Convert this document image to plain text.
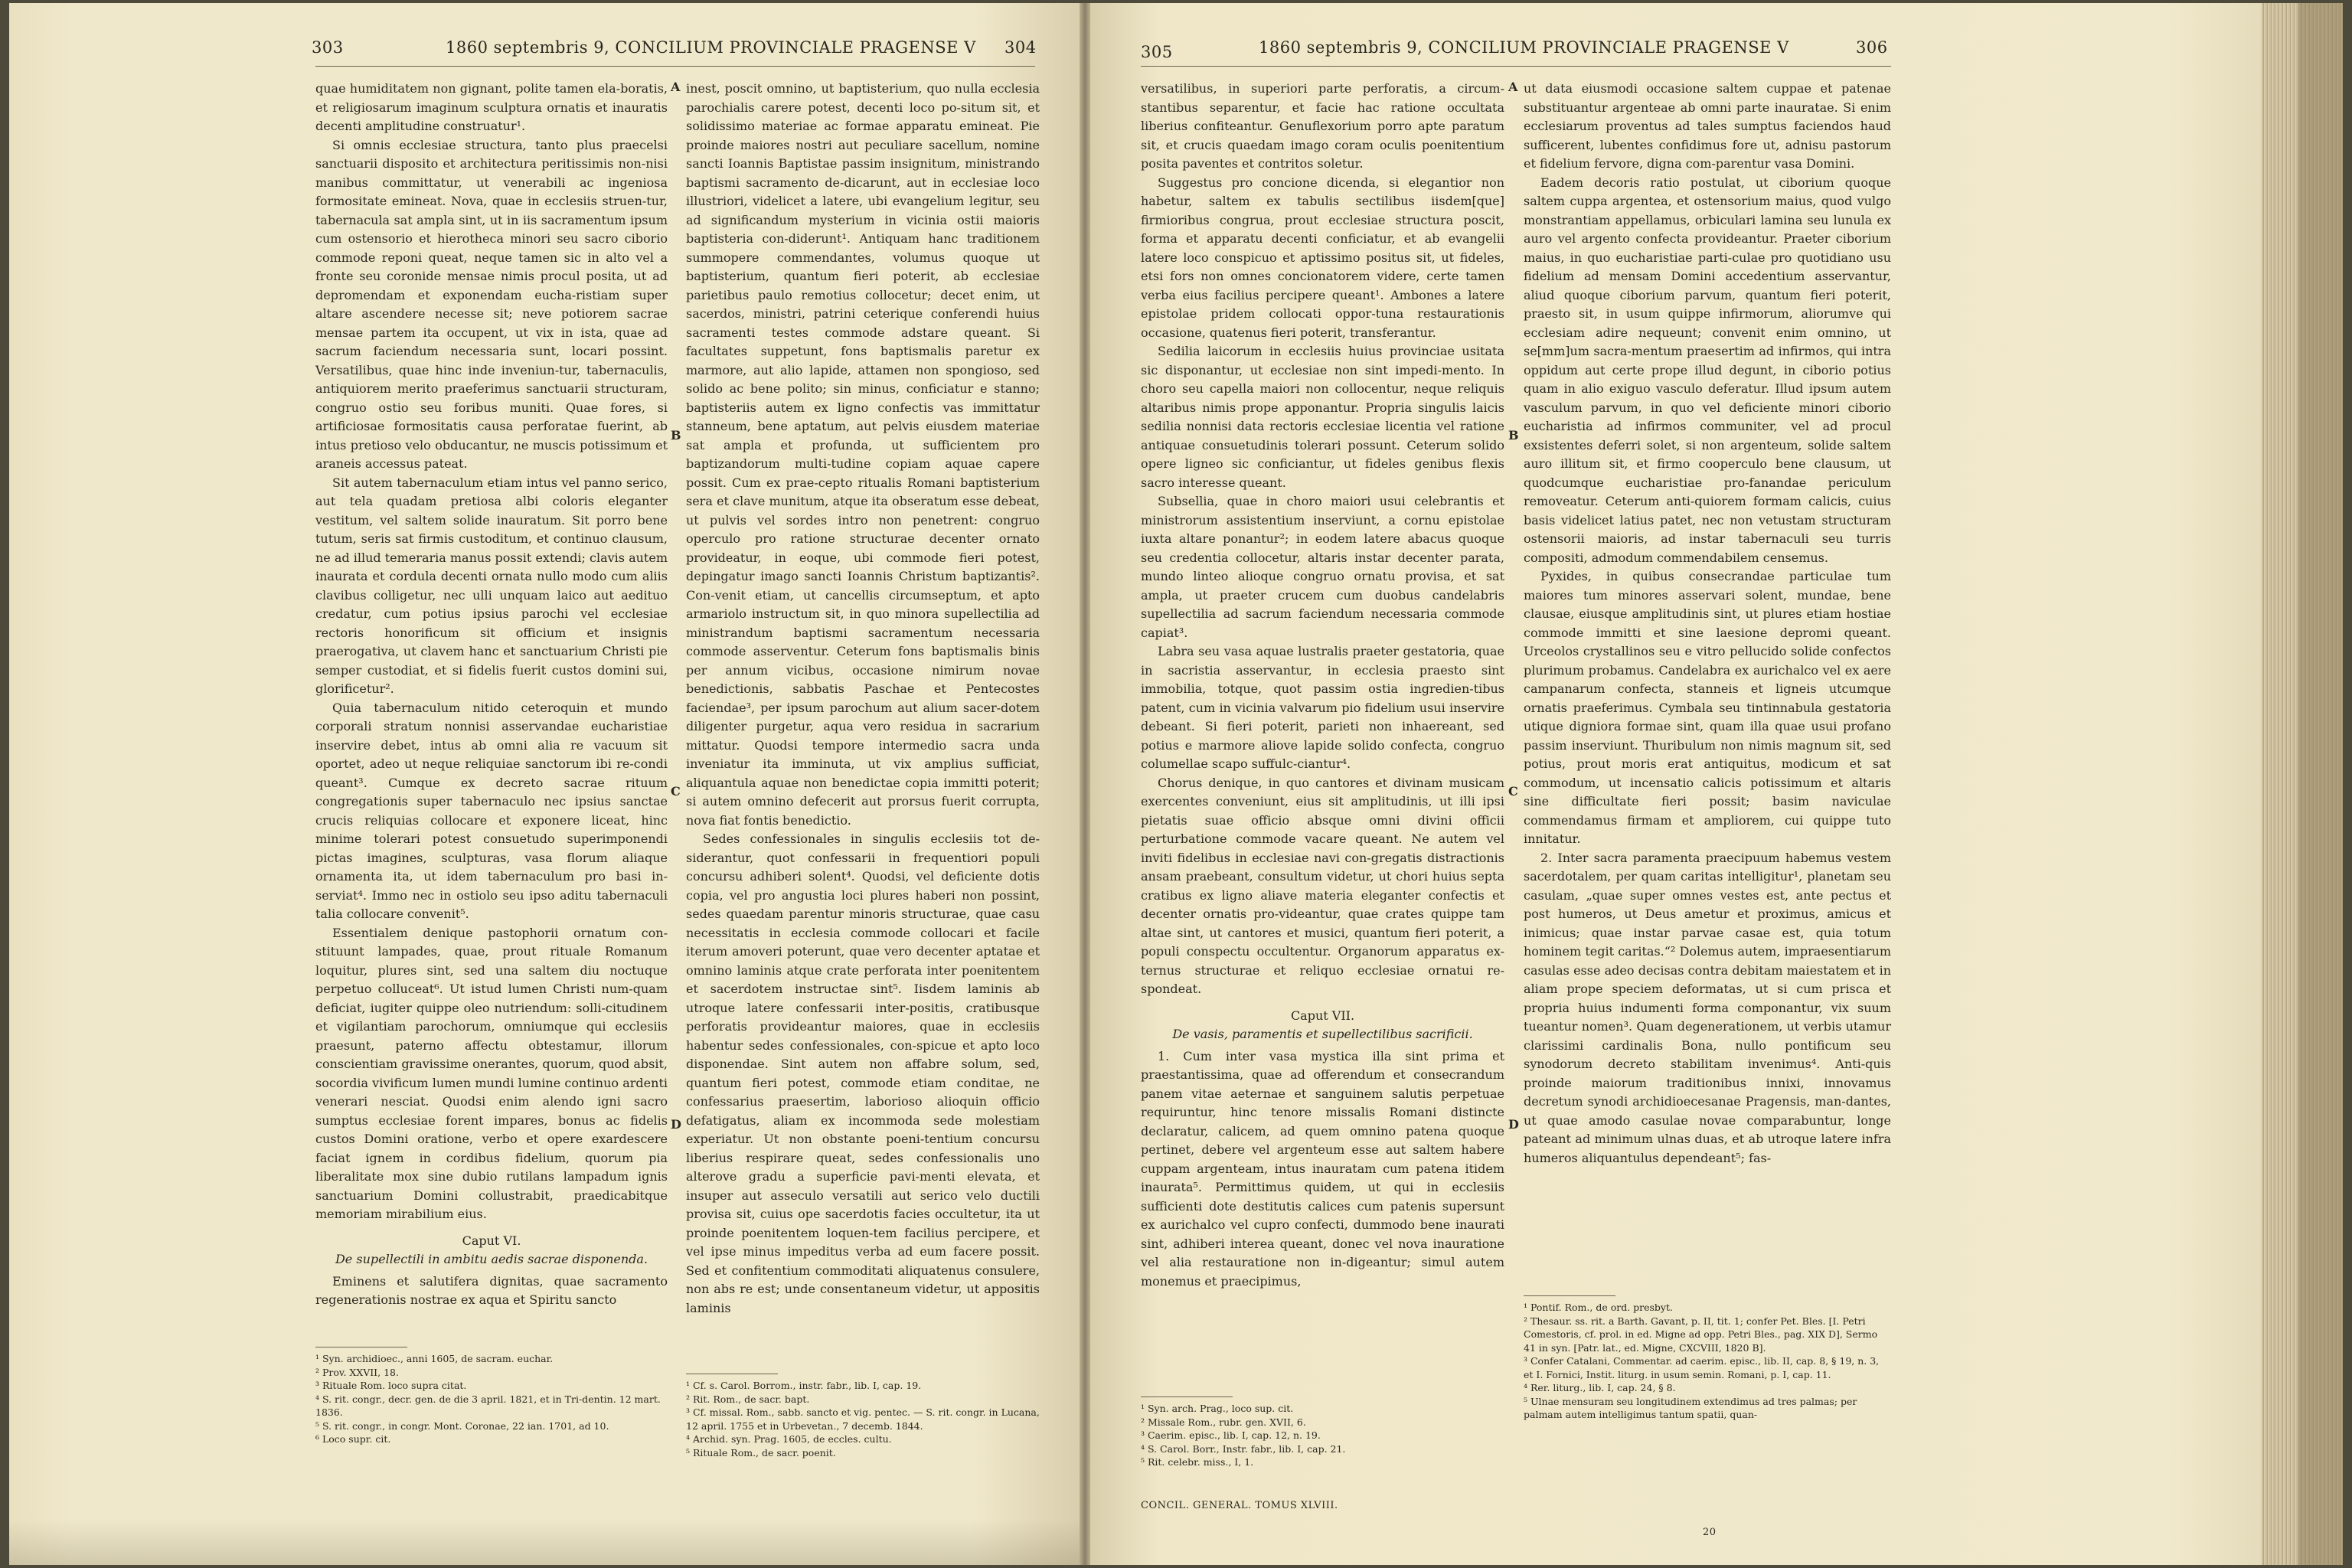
303	1860 septembris 9, CONCILIUM PROVINCIALE PRAGENSE V 304

quae humiditatem non gignant, polite tamen ela-boratis, et religiosarum imaginum sculptura ornatis et inauratis decenti amplitudine construatur¹.

Si omnis ecclesiae structura, tanto plus praecelsi sanctuarii disposito et architectura peritissimis non-nisi manibus committatur, ut venerabili ac ingeniosa formositate emineat. Nova, quae in ecclesiis struen-tur, tabernacula sat ampla sint, ut in iis sacramentum ipsum cum ostensorio et hierotheca minori seu sacro ciborio commode reponi queat, neque tamen sic in alto vel a fronte seu coronide mensae nimis procul posita, ut ad depromendam et exponendam eucha-ristiam super altare ascendere necesse sit; neve potiorem sacrae mensae partem ita occupent, ut vix in ista, quae ad sacrum faciendum necessaria sunt, locari possint. Versatilibus, quae hinc inde inveniun-tur, tabernaculis, antiquiorem merito praeferimus sanctuarii structuram, congruo ostio seu foribus muniti. Quae fores, si artificiosae formositatis causa perforatae fuerint, ab intus pretioso velo obducantur, ne muscis potissimum et araneis accessus pateat.

Sit autem tabernaculum etiam intus vel panno serico, aut tela quadam pretiosa albi coloris eleganter vestitum, vel saltem solide inauratum. Sit porro bene tutum, seris sat firmis custoditum, et continuo clausum, ne ad illud temeraria manus possit extendi; clavis autem inaurata et cordula decenti ornata nullo modo cum aliis clavibus colligetur, nec ulli unquam laico aut aedituo credatur, cum potius ipsius parochi vel ecclesiae rectoris honorificum sit officium et insignis praerogativa, ut clavem hanc et sanctuarium Christi pie semper custodiat, et si fidelis fuerit custos domini sui, glorificetur².

Quia tabernaculum nitido ceteroquin et mundo corporali stratum nonnisi asservandae eucharistiae inservire debet, intus ab omni alia re vacuum sit oportet, adeo ut neque reliquiae sanctorum ibi re-condi queant³. Cumque ex decreto sacrae rituum congregationis super tabernaculo nec ipsius sanctae crucis reliquias collocare et exponere liceat, hinc minime tolerari potest consuetudo superimponendi pictas imagines, sculpturas, vasa florum aliaque ornamenta ita, ut idem tabernaculum pro basi in-serviat⁴. Immo nec in ostiolo seu ipso aditu tabernaculi talia collocare convenit⁵.

Essentialem denique pastophorii ornatum con-stituunt lampades, quae, prout rituale Romanum loquitur, plures sint, sed una saltem diu noctuque perpetuo colluceat⁶. Ut istud lumen Christi num-quam deficiat, iugiter quippe oleo nutriendum: solli-citudinem et vigilantiam parochorum, omniumque qui ecclesiis praesunt, paterno affectu obtestamur, illorum conscientiam gravissime onerantes, quorum, quod absit, socordia vivificum lumen mundi lumine continuo ardenti venerari nesciat. Quodsi enim alendo igni sacro sumptus ecclesiae forent impares, bonus ac fidelis custos Domini oratione, verbo et opere exardescere faciat ignem in cordibus fidelium, quorum pia liberalitate mox sine dubio rutilans lampadum ignis sanctuarium Domini collustrabit, praedicabitque memoriam mirabilium eius.

Caput VI.

De supellectili in ambitu aedis sacrae disponenda.

Eminens et salutifera dignitas, quae sacramento regenerationis nostrae ex aqua et Spiritu sancto

¹ Syn. archidioec., anni 1605, de sacram. euchar.
² Prov. XXVII, 18.
³ Rituale Rom. loco supra citat.
⁴ S. rit. congr., decr. gen. de die 3 april. 1821, et in Tri-dentin. 12 mart. 1836.
⁵ S. rit. congr., in congr. Mont. Coronae, 22 ian. 1701, ad 10.
⁶ Loco supr. cit.
A
B
C
D

inest, poscit omnino, ut baptisterium, quo nulla ecclesia parochialis carere potest, decenti loco po-situm sit, et solidissimo materiae ac formae apparatu emineat. Pie proinde maiores nostri aut peculiare sacellum, nomine sancti Ioannis Baptistae passim insignitum, ministrando baptismi sacramento de-dicarunt, aut in ecclesiae loco illustriori, videlicet a latere, ubi evangelium legitur, seu ad significandum mysterium in vicinia ostii maioris baptisteria con-diderunt¹. Antiquam hanc traditionem summopere commendantes, volumus quoque ut baptisterium, quantum fieri poterit, ab ecclesiae parietibus paulo remotius collocetur; decet enim, ut sacerdos, ministri, patrini ceterique conferendi huius sacramenti testes commode adstare queant. Si facultates suppetunt, fons baptismalis paretur ex marmore, aut alio lapide, attamen non spongioso, sed solido ac bene polito; sin minus, conficiatur e stanno; baptisteriis autem ex ligno confectis vas immittatur stanneum, bene aptatum, aut pelvis eiusdem materiae sat ampla et profunda, ut sufficientem pro baptizandorum multi-tudine copiam aquae capere possit. Cum ex prae-cepto ritualis Romani baptisterium sera et clave munitum, atque ita obseratum esse debeat, ut pulvis vel sordes intro non penetrent: congruo operculo pro ratione structurae decenter ornato provideatur, in eoque, ubi commode fieri potest, depingatur imago sancti Ioannis Christum baptizantis². Con-venit etiam, ut cancellis circumseptum, et apto armariolo instructum sit, in quo minora supellectilia ad ministrandum baptismi sacramentum necessaria commode asserventur. Ceterum fons baptismalis binis per annum vicibus, occasione nimirum novae benedictionis, sabbatis Paschae et Pentecostes faciendae³, per ipsum parochum aut alium sacer-dotem diligenter purgetur, aqua vero residua in sacrarium mittatur. Quodsi tempore intermedio sacra unda inveniatur ita imminuta, ut vix amplius sufficiat, aliquantula aquae non benedictae copia immitti poterit; si autem omnino defecerit aut prorsus fuerit corrupta, nova fiat fontis benedictio.

Sedes confessionales in singulis ecclesiis tot de-siderantur, quot confessarii in frequentiori populi concursu adhiberi solent⁴. Quodsi, vel deficiente dotis copia, vel pro angustia loci plures haberi non possint, sedes quaedam parentur minoris structurae, quae casu necessitatis in ecclesia commode collocari et facile iterum amoveri poterunt, quae vero decenter aptatae et omnino laminis atque crate perforata inter poenitentem et sacerdotem instructae sint⁵. Iisdem laminis ab utroque latere confessarii inter-positis, cratibusque perforatis provideantur maiores, quae in ecclesiis habentur sedes confessionales, con-spicue et apto loco disponendae. Sint autem non affabre solum, sed, quantum fieri potest, commode etiam conditae, ne confessarius praesertim, laborioso alioquin officio defatigatus, aliam ex incommoda sede molestiam experiatur. Ut non obstante poeni-tentium concursu liberius respirare queat, sedes confessionalis uno alterove gradu a superficie pavi-menti elevata, et insuper aut asseculo versatili aut serico velo ductili provisa sit, cuius ope sacerdotis facies occultetur, ita ut proinde poenitentem loquen-tem facilius percipere, et vel ipse minus impeditus verba ad eum facere possit. Sed et confitentium commoditati aliquatenus consulere, non abs re est; unde consentaneum videtur, ut appositis laminis

¹ Cf. s. Carol. Borrom., instr. fabr., lib. I, cap. 19.
² Rit. Rom., de sacr. bapt.
³ Cf. missal. Rom., sabb. sancto et vig. pentec. — S. rit. congr. in Lucana, 12 april. 1755 et in Urbevetan., 7 decemb. 1844.
⁴ Archid. syn. Prag. 1605, de eccles. cultu.
⁵ Rituale Rom., de sacr. poenit.
305	1860 septembris 9, CONCILIUM PROVINCIALE PRAGENSE V	306

versatilibus, in superiori parte perforatis, a circum-stantibus separentur, et facie hac ratione occultata liberius confiteantur. Genuflexorium porro apte paratum sit, et crucis quaedam imago coram oculis poenitentium posita paventes et contritos soletur.

Suggestus pro concione dicenda, si elegantior non habetur, saltem ex tabulis sectilibus iisdem[que] firmioribus congrua, prout ecclesiae structura poscit, forma et apparatu decenti conficiatur, et ab evangelii latere loco conspicuo et aptissimo positus sit, ut fideles, etsi fors non omnes concionatorem videre, certe tamen verba eius facilius percipere queant¹. Ambones a latere epistolae pridem collocati oppor-tuna restaurationis occasione, quatenus fieri poterit, transferantur.

Sedilia laicorum in ecclesiis huius provinciae usitata sic disponantur, ut ecclesiae non sint impedi-mento. In choro seu capella maiori non collocentur, neque reliquis altaribus nimis prope apponantur. Propria singulis laicis sedilia nonnisi data rectoris ecclesiae licentia vel ratione antiquae consuetudinis tolerari possunt. Ceterum solido opere ligneo sic conficiantur, ut fideles genibus flexis sacro interesse queant.

Subsellia, quae in choro maiori usui celebrantis et ministrorum assistentium inserviunt, a cornu epistolae iuxta altare ponantur²; in eodem latere abacus quoque seu credentia collocetur, altaris instar decenter parata, mundo linteo alioque congruo ornatu provisa, et sat ampla, ut praeter crucem cum duobus candelabris supellectilia ad sacrum faciendum necessaria commode capiat³.

Labra seu vasa aquae lustralis praeter gestatoria, quae in sacristia asservantur, in ecclesia praesto sint immobilia, totque, quot passim ostia ingredien-tibus patent, cum in vicinia valvarum pio fidelium usui inservire debeant. Si fieri poterit, parieti non inhaereant, sed potius e marmore aliove lapide solido confecta, congruo columellae scapo suffulc-ciantur⁴.

Chorus denique, in quo cantores et divinam musicam exercentes conveniunt, eius sit amplitudinis, ut illi ipsi pietatis suae officio absque omni divini officii perturbatione commode vacare queant. Ne autem vel inviti fidelibus in ecclesiae navi con-gregatis distractionis ansam praebeant, consultum videtur, ut chori huius septa cratibus ex ligno aliave materia eleganter confectis et decenter ornatis pro-videantur, quae crates quippe tam altae sint, ut cantores et musici, quantum fieri poterit, a populi conspectu occultentur. Organorum apparatus ex-ternus structurae et reliquo ecclesiae ornatui re-spondeat.

Caput VII.

De vasis, paramentis et supellectilibus sacrificii.

1. Cum inter vasa mystica illa sint prima et praestantissima, quae ad offerendum et consecrandum panem vitae aeternae et sanguinem salutis perpetuae requiruntur, hinc tenore missalis Romani distincte declaratur, calicem, ad quem omnino patena quoque pertinet, debere vel argenteum esse aut saltem habere cuppam argenteam, intus inauratam cum patena itidem inaurata⁵. Permittimus quidem, ut qui in ecclesiis sufficienti dote destitutis calices cum patenis supersunt ex aurichalco vel cupro confecti, dummodo bene inaurati sint, adhiberi interea queant, donec vel nova inauratione vel alia restauratione non in-digeantur; simul autem monemus et praecipimus,

¹ Syn. arch. Prag., loco sup. cit.
² Missale Rom., rubr. gen. XVII, 6.
³ Caerim. episc., lib. I, cap. 12, n. 19.
⁴ S. Carol. Borr., Instr. fabr., lib. I, cap. 21.
⁵ Rit. celebr. miss., I, 1.
CONCIL. GENERAL. TOMUS XLVIII.
A
B
C
D

ut data eiusmodi occasione saltem cuppae et patenae substituantur argenteae ab omni parte inauratae. Si enim ecclesiarum proventus ad tales sumptus faciendos haud sufficerent, lubentes confidimus fore ut, adnisu pastorum et fidelium fervore, digna com-parentur vasa Domini.

Eadem decoris ratio postulat, ut ciborium quoque saltem cuppa argentea, et ostensorium maius, quod vulgo monstrantiam appellamus, orbiculari lamina seu lunula ex auro vel argento confecta provideantur. Praeter ciborium maius, in quo eucharistiae parti-culae pro quotidiano usu fidelium ad mensam Domini accedentium asservantur, aliud quoque ciborium parvum, quantum fieri poterit, praesto sit, in usum quippe infirmorum, aliorumve qui ecclesiam adire nequeunt; convenit enim omnino, ut se[mm]um sacra-mentum praesertim ad infirmos, qui intra oppidum aut certe prope illud degunt, in ciborio potius quam in alio exiguo vasculo deferatur. Illud ipsum autem vasculum parvum, in quo vel deficiente minori ciborio eucharistia ad infirmos communiter, vel ad procul exsistentes deferri solet, si non argenteum, solide saltem auro illitum sit, et firmo cooperculo bene clausum, ut quodcumque eucharistiae pro-fanandae periculum removeatur. Ceterum anti-quiorem formam calicis, cuius basis videlicet latius patet, nec non vetustam structuram ostensorii maioris, ad instar tabernaculi seu turris compositi, admodum commendabilem censemus.

Pyxides, in quibus consecrandae particulae tum maiores tum minores asservari solent, mundae, bene clausae, eiusque amplitudinis sint, ut plures etiam hostiae commode immitti et sine laesione depromi queant. Urceolos crystallinos seu e vitro pellucido solide confectos plurimum probamus. Candelabra ex aurichalco vel ex aere campanarum confecta, stanneis et ligneis utcumque ornatis praeferimus. Cymbala seu tintinnabula gestatoria utique digniora formae sint, quam illa quae usui profano passim inserviunt. Thuribulum non nimis magnum sit, sed potius, prout moris erat antiquitus, modicum et sat commodum, ut incensatio calicis potissimum et altaris sine difficultate fieri possit; basim naviculae commendamus firmam et ampliorem, cui quippe tuto innitatur.

2. Inter sacra paramenta praecipuum habemus vestem sacerdotalem, per quam caritas intelligitur¹, planetam seu casulam, „quae super omnes vestes est, ante pectus et post humeros, ut Deus ametur et proximus, amicus et inimicus; quae instar parvae casae est, quia totum hominem tegit caritas.“² Dolemus autem, impraesentiarum casulas esse adeo decisas contra debitam maiestatem et in aliam prope speciem deformatas, ut si cum prisca et propria huius indumenti forma componantur, vix suum tueantur nomen³. Quam degenerationem, ut verbis utamur clarissimi cardinalis Bona, nullo pontificum seu synodorum decreto stabilitam invenimus⁴. Anti-quis proinde maiorum traditionibus innixi, innovamus decretum synodi archidioecesanae Pragensis, man-dantes, ut quae amodo casulae novae comparabuntur, longe pateant ad minimum ulnas duas, et ab utroque latere infra humeros aliquantulus dependeant⁵; fas-

¹ Pontif. Rom., de ord. presbyt.
² Thesaur. ss. rit. a Barth. Gavant, p. II, tit. 1; confer Pet. Bles. [I. Petri Comestoris, cf. prol. in ed. Migne ad opp. Petri Bles., pag. XIX D], Sermo 41 in syn. [Patr. lat., ed. Migne, CXCVIII, 1820 B].
³ Confer Catalani, Commentar. ad caerim. episc., lib. II, cap. 8, § 19, n. 3, et I. Fornici, Instit. liturg. in usum semin. Romani, p. I, cap. 11.
⁴ Rer. liturg., lib. I, cap. 24, § 8.
⁵ Ulnae mensuram seu longitudinem extendimus ad tres palmas; per palmam autem intelligimus tantum spatii, quan-
20
